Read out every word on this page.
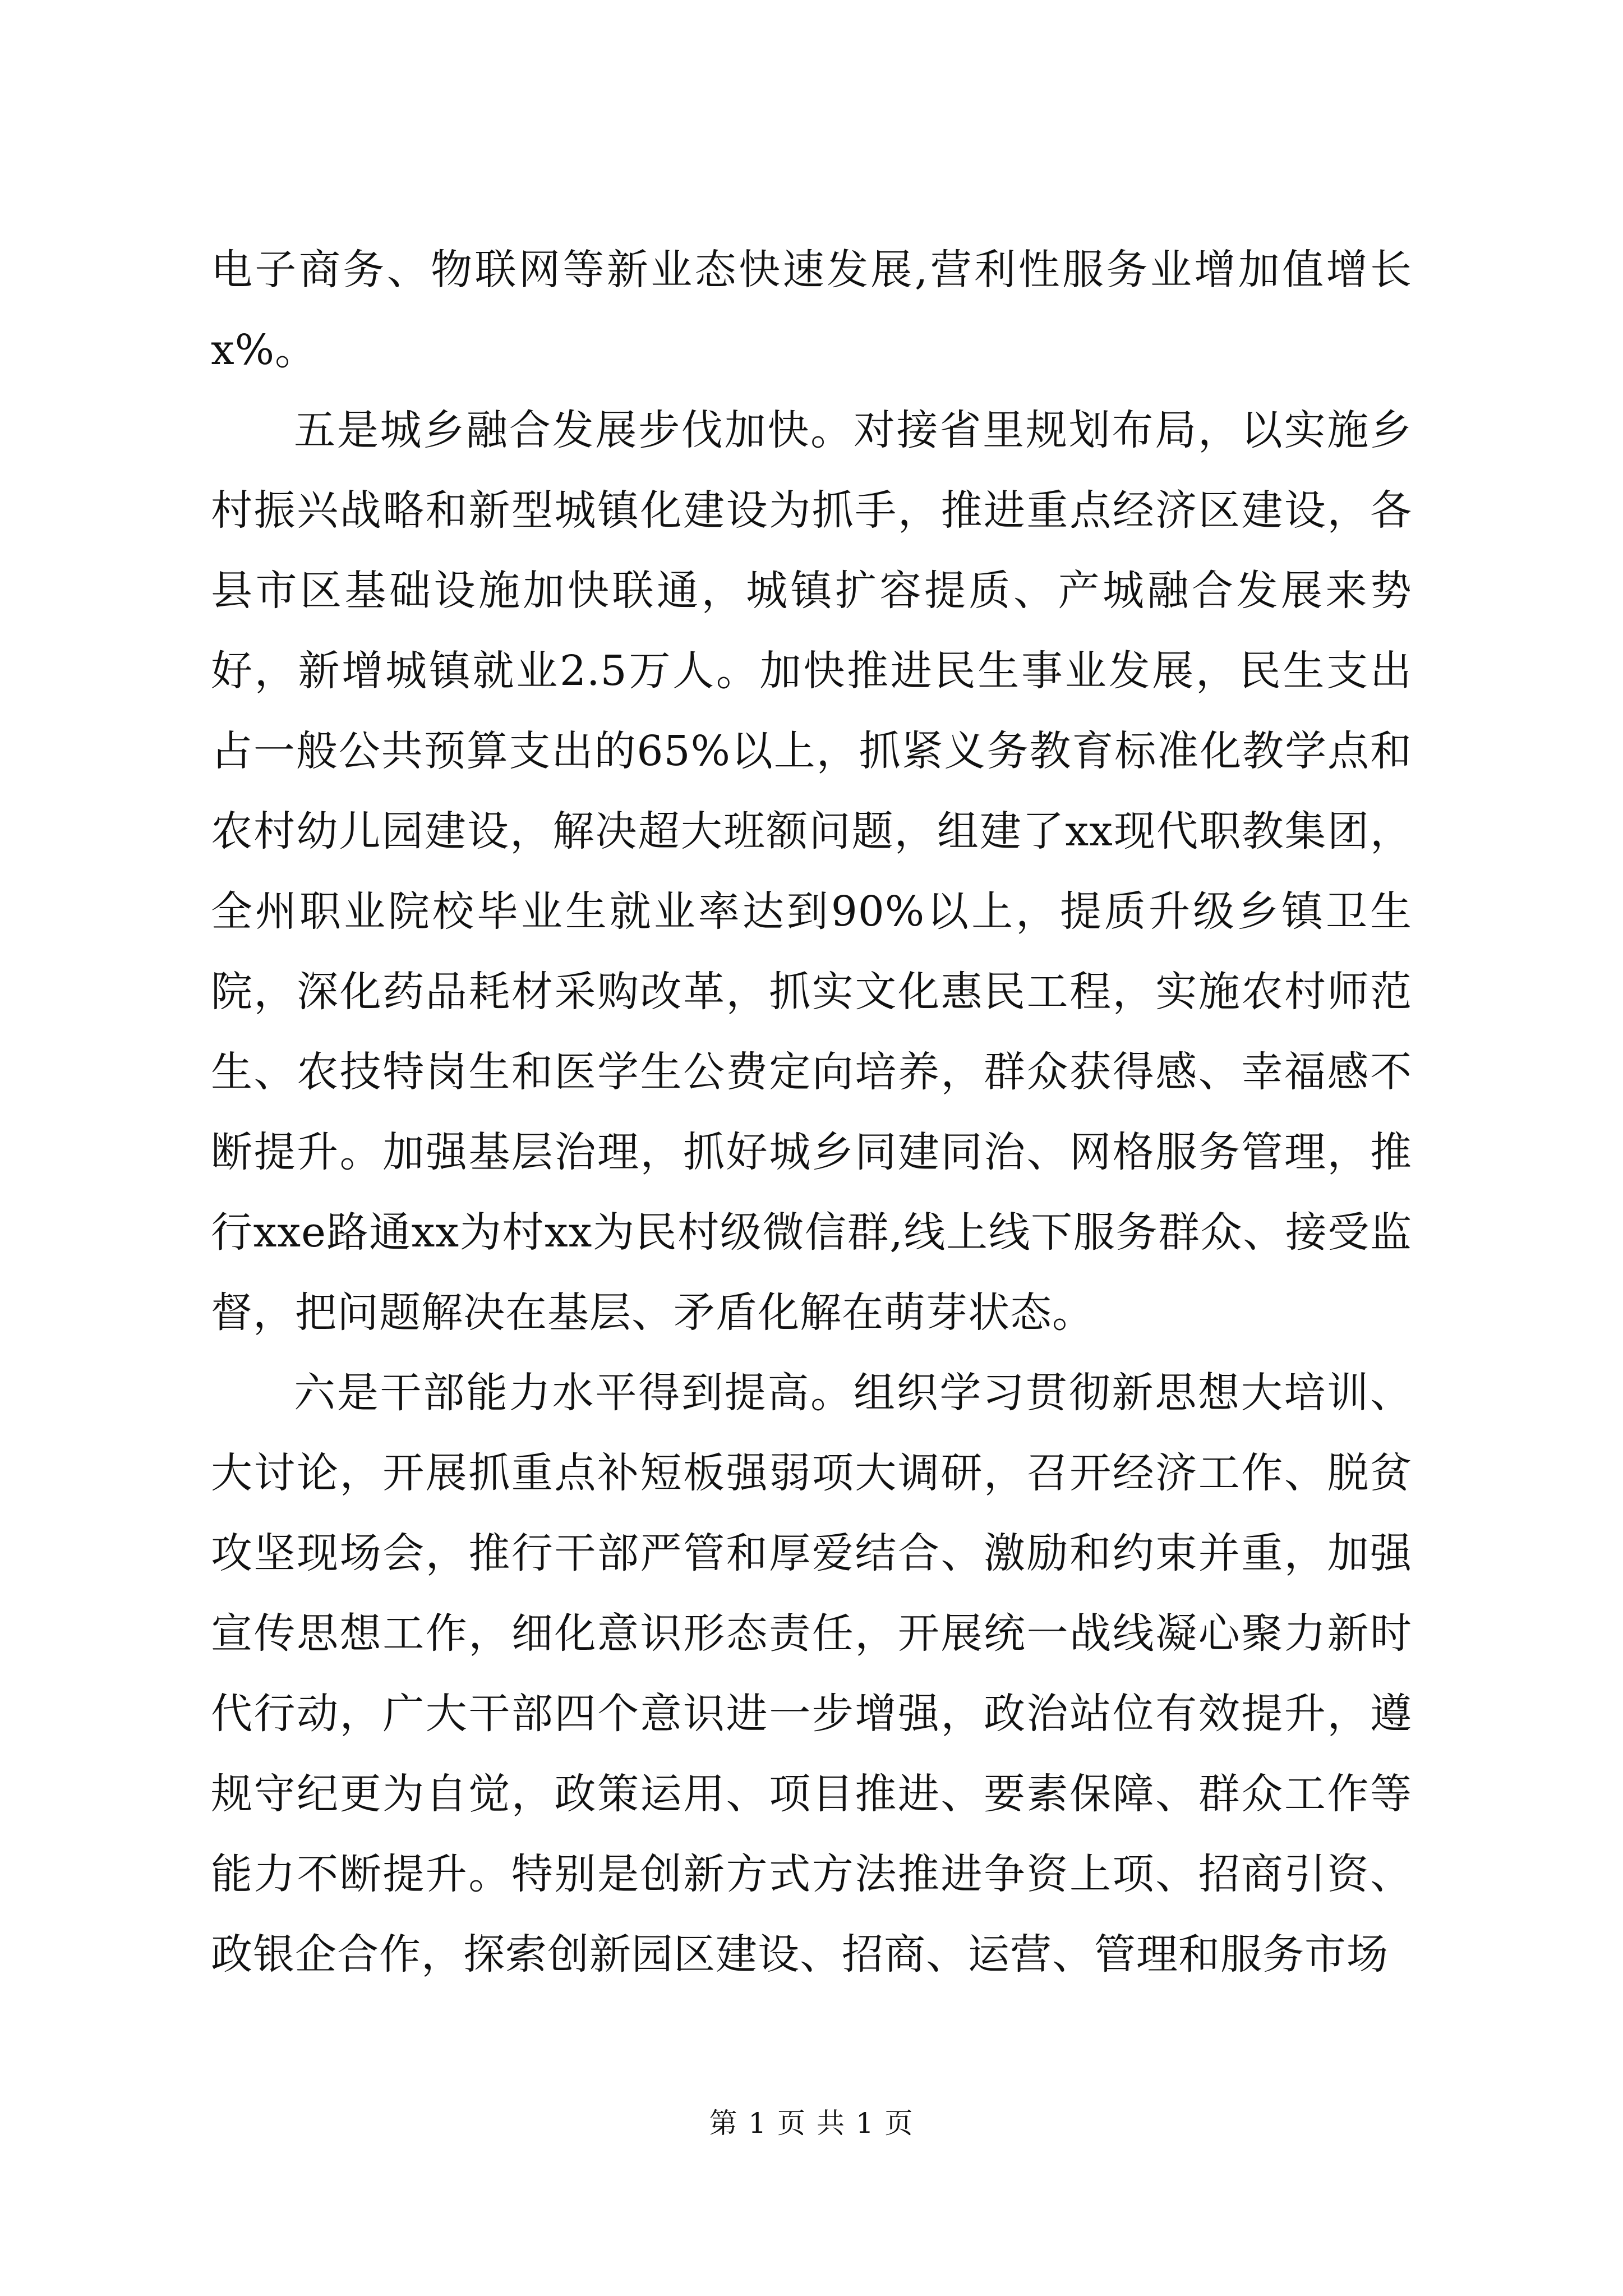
电子商务、物联网等新业态快速发展,营利性服务业增加值增长x%。

五是城乡融合发展步伐加快。对接省里规划布局，以实施乡村振兴战略和新型城镇化建设为抓手，推进重点经济区建设，各县市区基础设施加快联通，城镇扩容提质、产城融合发展来势好，新增城镇就业2.5万人。加快推进民生事业发展，民生支出占一般公共预算支出的65%以上，抓紧义务教育标准化教学点和农村幼儿园建设，解决超大班额问题，组建了xx现代职教集团，全州职业院校毕业生就业率达到90%以上，提质升级乡镇卫生院，深化药品耗材采购改革，抓实文化惠民工程，实施农村师范生、农技特岗生和医学生公费定向培养，群众获得感、幸福感不断提升。加强基层治理，抓好城乡同建同治、网格服务管理，推行xxe路通xx为村xx为民村级微信群,线上线下服务群众、接受监督，把问题解决在基层、矛盾化解在萌芽状态。

六是干部能力水平得到提高。组织学习贯彻新思想大培训、大讨论，开展抓重点补短板强弱项大调研，召开经济工作、脱贫攻坚现场会，推行干部严管和厚爱结合、激励和约束并重，加强宣传思想工作，细化意识形态责任，开展统一战线凝心聚力新时代行动，广大干部四个意识进一步增强，政治站位有效提升，遵规守纪更为自觉，政策运用、项目推进、要素保障、群众工作等能力不断提升。特别是创新方式方法推进争资上项、招商引资、政银企合作，探索创新园区建设、招商、运营、管理和服务市场

第 1 页 共 1 页
